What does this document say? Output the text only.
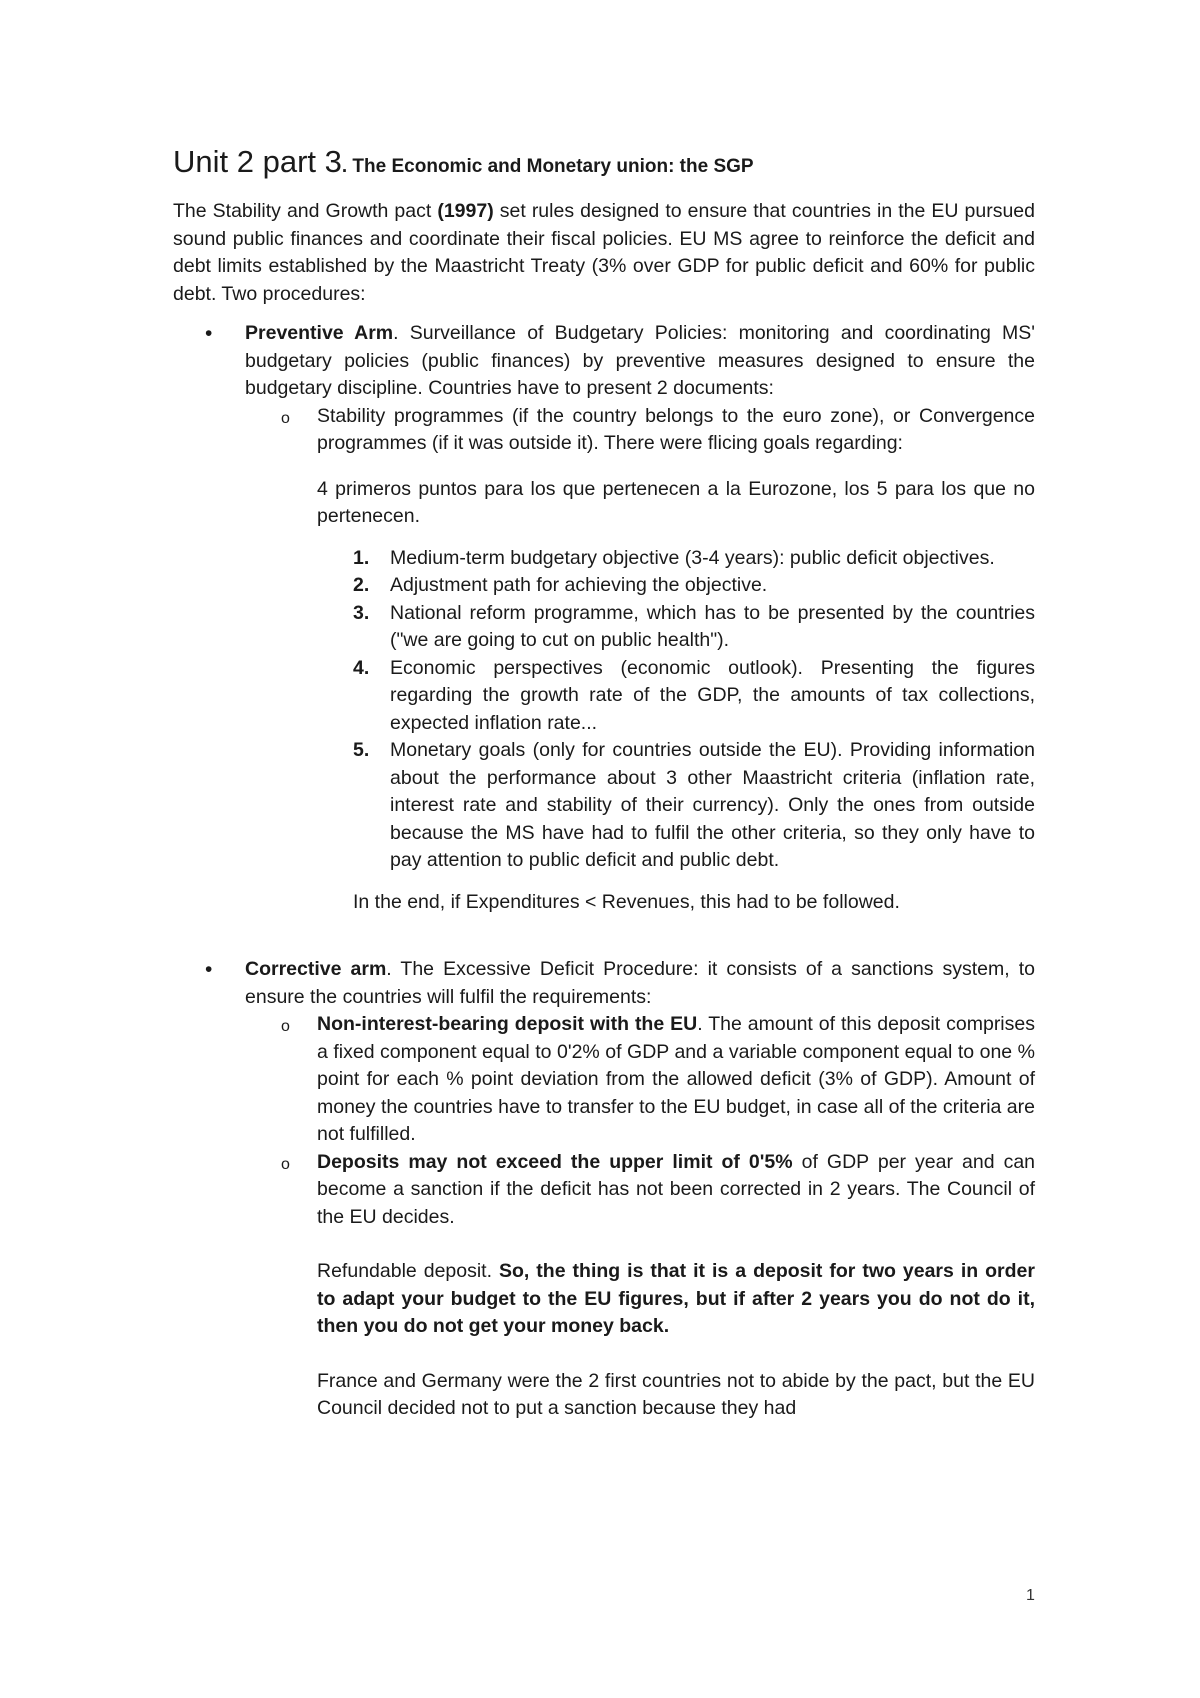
Unit 2 part 3. The Economic and Monetary union: the SGP

The Stability and Growth pact (1997) set rules designed to ensure that countries in the EU pursued sound public finances and coordinate their fiscal policies. EU MS agree to reinforce the deficit and debt limits established by the Maastricht Treaty (3% over GDP for public deficit and 60% for public debt. Two procedures:

• Preventive Arm. Surveillance of Budgetary Policies: monitoring and coordinating MS' budgetary policies (public finances) by preventive measures designed to ensure the budgetary discipline. Countries have to present 2 documents:

o Stability programmes (if the country belongs to the euro zone), or Convergence programmes (if it was outside it). There were flicing goals regarding:

4 primeros puntos para los que pertenecen a la Eurozone, los 5 para los que no pertenecen.

1. Medium-term budgetary objective (3-4 years): public deficit objectives.

2. Adjustment path for achieving the objective.

3. National reform programme, which has to be presented by the countries ("we are going to cut on public health").

4. Economic perspectives (economic outlook). Presenting the figures regarding the growth rate of the GDP, the amounts of tax collections, expected inflation rate...

5. Monetary goals (only for countries outside the EU). Providing information about the performance about 3 other Maastricht criteria (inflation rate, interest rate and stability of their currency). Only the ones from outside because the MS have had to fulfil the other criteria, so they only have to pay attention to public deficit and public debt.

In the end, if Expenditures < Revenues, this had to be followed.

• Corrective arm. The Excessive Deficit Procedure: it consists of a sanctions system, to ensure the countries will fulfil the requirements:

o Non-interest-bearing deposit with the EU. The amount of this deposit comprises a fixed component equal to 0'2% of GDP and a variable component equal to one % point for each % point deviation from the allowed deficit (3% of GDP). Amount of money the countries have to transfer to the EU budget, in case all of the criteria are not fulfilled.

o Deposits may not exceed the upper limit of 0'5% of GDP per year and can become a sanction if the deficit has not been corrected in 2 years. The Council of the EU decides.

Refundable deposit. So, the thing is that it is a deposit for two years in order to adapt your budget to the EU figures, but if after 2 years you do not do it, then you do not get your money back.

France and Germany were the 2 first countries not to abide by the pact, but the EU Council decided not to put a sanction because they had

1
